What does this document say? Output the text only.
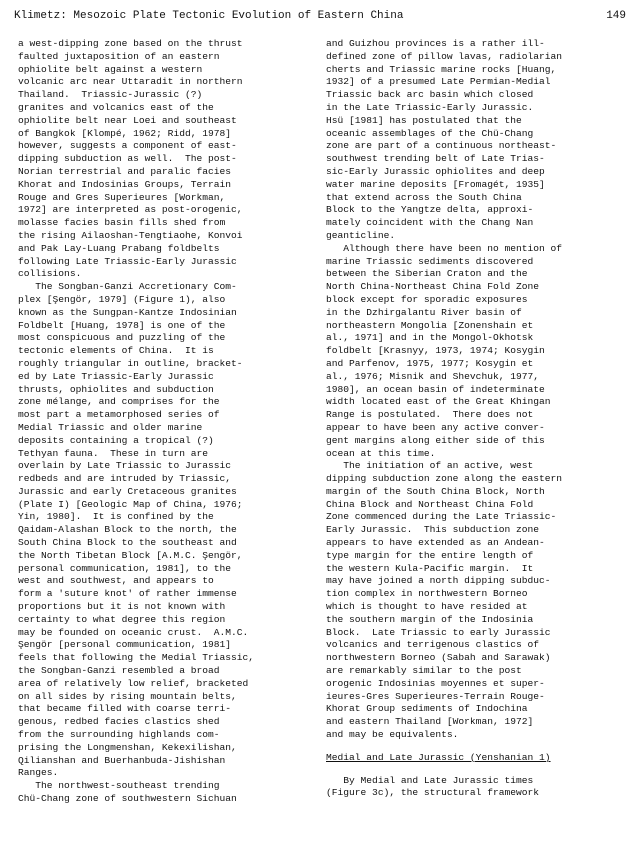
Klimetz: Mesozoic Plate Tectonic Evolution of Eastern China	149

a west-dipping zone based on the thrust

faulted juxtaposition of an eastern

ophiolite belt against a western

volcanic arc near Uttaradit in northern

Thailand.  Triassic-Jurassic (?)

granites and volcanics east of the

ophiolite belt near Loei and southeast

of Bangkok [Klompé, 1962; Ridd, 1978]

however, suggests a component of east-

dipping subduction as well.  The post-

Norian terrestrial and paralic facies

Khorat and Indosinias Groups, Terrain

Rouge and Gres Superieures [Workman,

1972] are interpreted as post-orogenic,

molasse facies basin fills shed from

the rising Ailaoshan-Tengtiaohe, Konvoi

and Pak Lay-Luang Prabang foldbelts

following Late Triassic-Early Jurassic

collisions.

The Songban-Ganzi Accretionary Com-

plex [Şengör, 1979] (Figure 1), also

known as the Sungpan-Kantze Indosinian

Foldbelt [Huang, 1978] is one of the

most conspicuous and puzzling of the

tectonic elements of China.  It is

roughly triangular in outline, bracket-

ed by Late Triassic-Early Jurassic

thrusts, ophiolites and subduction

zone mélange, and comprises for the

most part a metamorphosed series of

Medial Triassic and older marine

deposits containing a tropical (?)

Tethyan fauna.  These in turn are

overlain by Late Triassic to Jurassic

redbeds and are intruded by Triassic,

Jurassic and early Cretaceous granites

(Plate I) [Geologic Map of China, 1976;

Yin, 1980].  It is confined by the

Qaidam-Alashan Block to the north, the

South China Block to the southeast and

the North Tibetan Block [A.M.C. Şengör,

personal communication, 1981], to the

west and southwest, and appears to

form a 'suture knot' of rather immense

proportions but it is not known with

certainty to what degree this region

may be founded on oceanic crust.  A.M.C.

Şengör [personal communication, 1981]

feels that following the Medial Triassic,

the Songban-Ganzi resembled a broad

area of relatively low relief, bracketed

on all sides by rising mountain belts,

that became filled with coarse terri-

genous, redbed facies clastics shed

from the surrounding highlands com-

prising the Longmenshan, Kekexilishan,

Qilianshan and Buerhanbuda-Jishishan

Ranges.

The northwest-southeast trending

Chü-Chang zone of southwestern Sichuan

and Guizhou provinces is a rather ill-

defined zone of pillow lavas, radiolarian

cherts and Triassic marine rocks [Huang,

1932] of a presumed Late Permian-Medial

Triassic back arc basin which closed

in the Late Triassic-Early Jurassic.

Hsü [1981] has postulated that the

oceanic assemblages of the Chü-Chang

zone are part of a continuous northeast-

southwest trending belt of Late Trias-

sic-Early Jurassic ophiolites and deep

water marine deposits [Fromagét, 1935]

that extend across the South China

Block to the Yangtze delta, approxi-

mately coincident with the Chang Nan

geanticline.

Although there have been no mention of

marine Triassic sediments discovered

between the Siberian Craton and the

North China-Northeast China Fold Zone

block except for sporadic exposures

in the Dzhirgalantu River basin of

northeastern Mongolia [Zonenshain et

al., 1971] and in the Mongol-Okhotsk

foldbelt [Krasnyy, 1973, 1974; Kosygin

and Parfenov, 1975, 1977; Kosygin et

al., 1976; Misnik and Shevchuk, 1977,

1980], an ocean basin of indeterminate

width located east of the Great Khingan

Range is postulated.  There does not

appear to have been any active conver-

gent margins along either side of this

ocean at this time.

The initiation of an active, west

dipping subduction zone along the eastern

margin of the South China Block, North

China Block and Northeast China Fold

Zone commenced during the Late Triassic-

Early Jurassic.  This subduction zone

appears to have extended as an Andean-

type margin for the entire length of

the western Kula-Pacific margin.  It

may have joined a north dipping subduc-

tion complex in northwestern Borneo

which is thought to have resided at

the southern margin of the Indosinia

Block.  Late Triassic to early Jurassic

volcanics and terrigenous clastics of

northwestern Borneo (Sabah and Sarawak)

are remarkably similar to the post

orogenic Indosinias moyennes et super-

ieures-Gres Superieures-Terrain Rouge-

Khorat Group sediments of Indochina

and eastern Thailand [Workman, 1972]

and may be equivalents.

Medial and Late Jurassic (Yenshanian 1)

By Medial and Late Jurassic times

(Figure 3c), the structural framework
